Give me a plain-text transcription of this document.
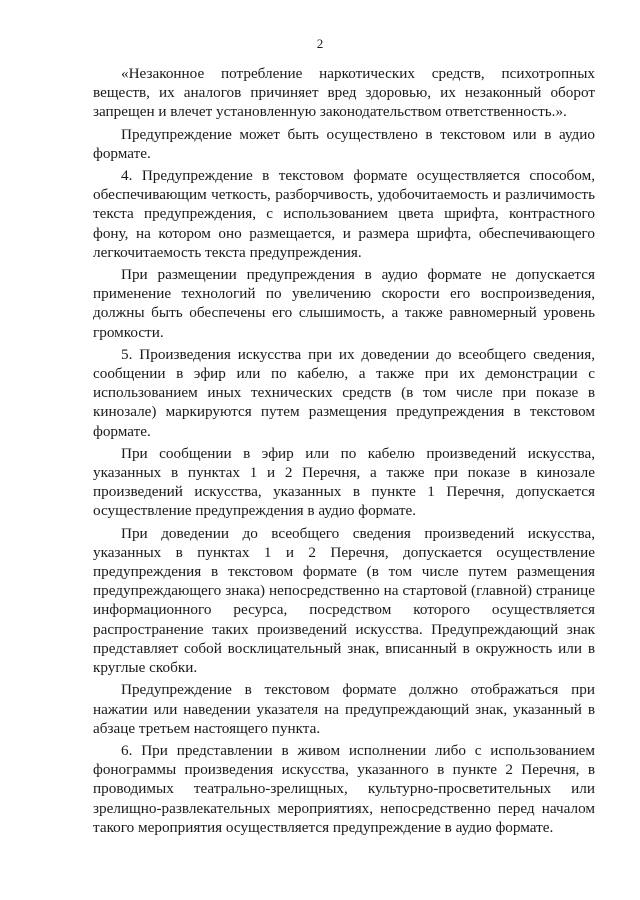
2

«Незаконное потребление наркотических средств, психотропных веществ, их аналогов причиняет вред здоровью, их незаконный оборот запрещен и влечет установленную законодательством ответственность.».

Предупреждение может быть осуществлено в текстовом или в аудио формате.

4. Предупреждение в текстовом формате осуществляется способом, обеспечивающим четкость, разборчивость, удобочитаемость и различимость текста предупреждения, с использованием цвета шрифта, контрастного фону, на котором оно размещается, и размера шрифта, обеспечивающего легкочитаемость текста предупреждения.

При размещении предупреждения в аудио формате не допускается применение технологий по увеличению скорости его воспроизведения, должны быть обеспечены его слышимость, а также равномерный уровень громкости.

5. Произведения искусства при их доведении до всеобщего сведения, сообщении в эфир или по кабелю, а также при их демонстрации с использованием иных технических средств (в том числе при показе в кинозале) маркируются путем размещения предупреждения в текстовом формате.

При сообщении в эфир или по кабелю произведений искусства, указанных в пунктах 1 и 2 Перечня, а также при показе в кинозале произведений искусства, указанных в пункте 1 Перечня, допускается осуществление предупреждения в аудио формате.

При доведении до всеобщего сведения произведений искусства, указанных в пунктах 1 и 2 Перечня, допускается осуществление предупреждения в текстовом формате (в том числе путем размещения предупреждающего знака) непосредственно на стартовой (главной) странице информационного ресурса, посредством которого осуществляется распространение таких произведений искусства. Предупреждающий знак представляет собой восклицательный знак, вписанный в окружность или в круглые скобки.

Предупреждение в текстовом формате должно отображаться при нажатии или наведении указателя на предупреждающий знак, указанный в абзаце третьем настоящего пункта.

6. При представлении в живом исполнении либо с использованием фонограммы произведения искусства, указанного в пункте 2 Перечня, в проводимых театрально-зрелищных, культурно-просветительных или зрелищно-развлекательных мероприятиях, непосредственно перед началом такого мероприятия осуществляется предупреждение в аудио формате.
